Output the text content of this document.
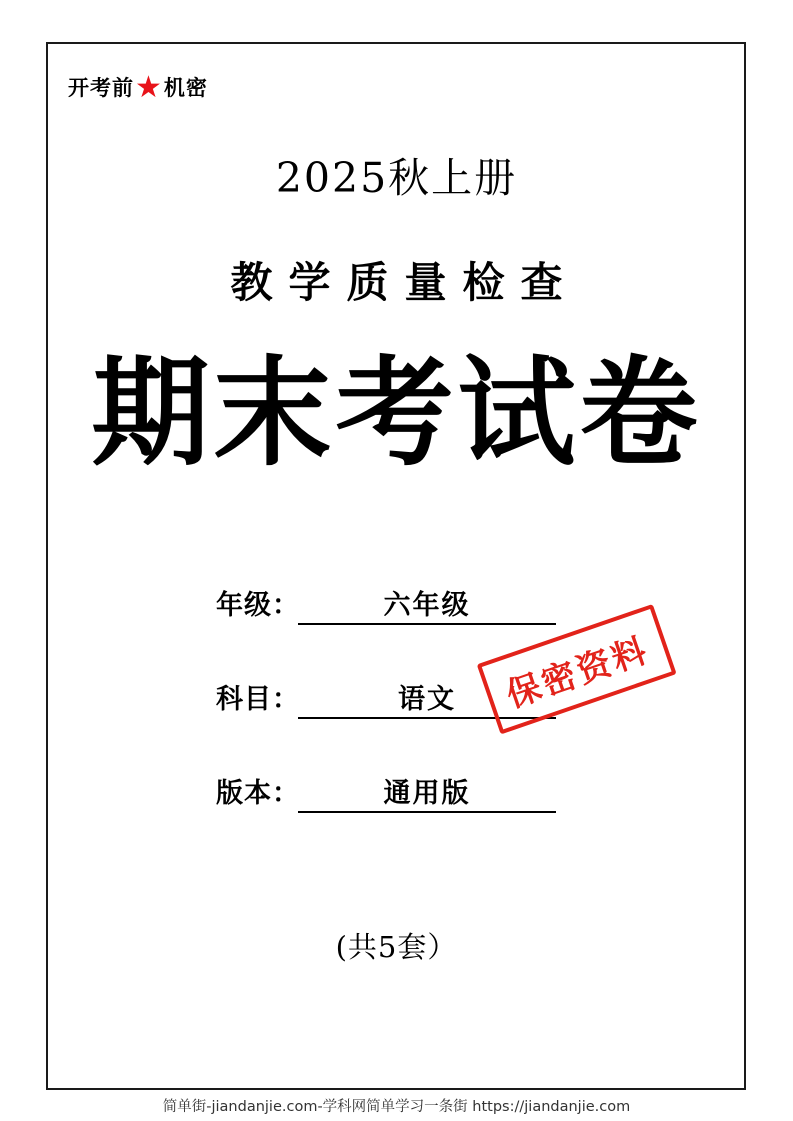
开考前 ★ 机密
2025秋上册
教学质量检查
期末考试卷
年级：	六年级
科目：	语文
版本：	通用版
保密资料
(共5套）
简单街-jiandanjie.com-学科网简单学习一条街 https://jiandanjie.com
